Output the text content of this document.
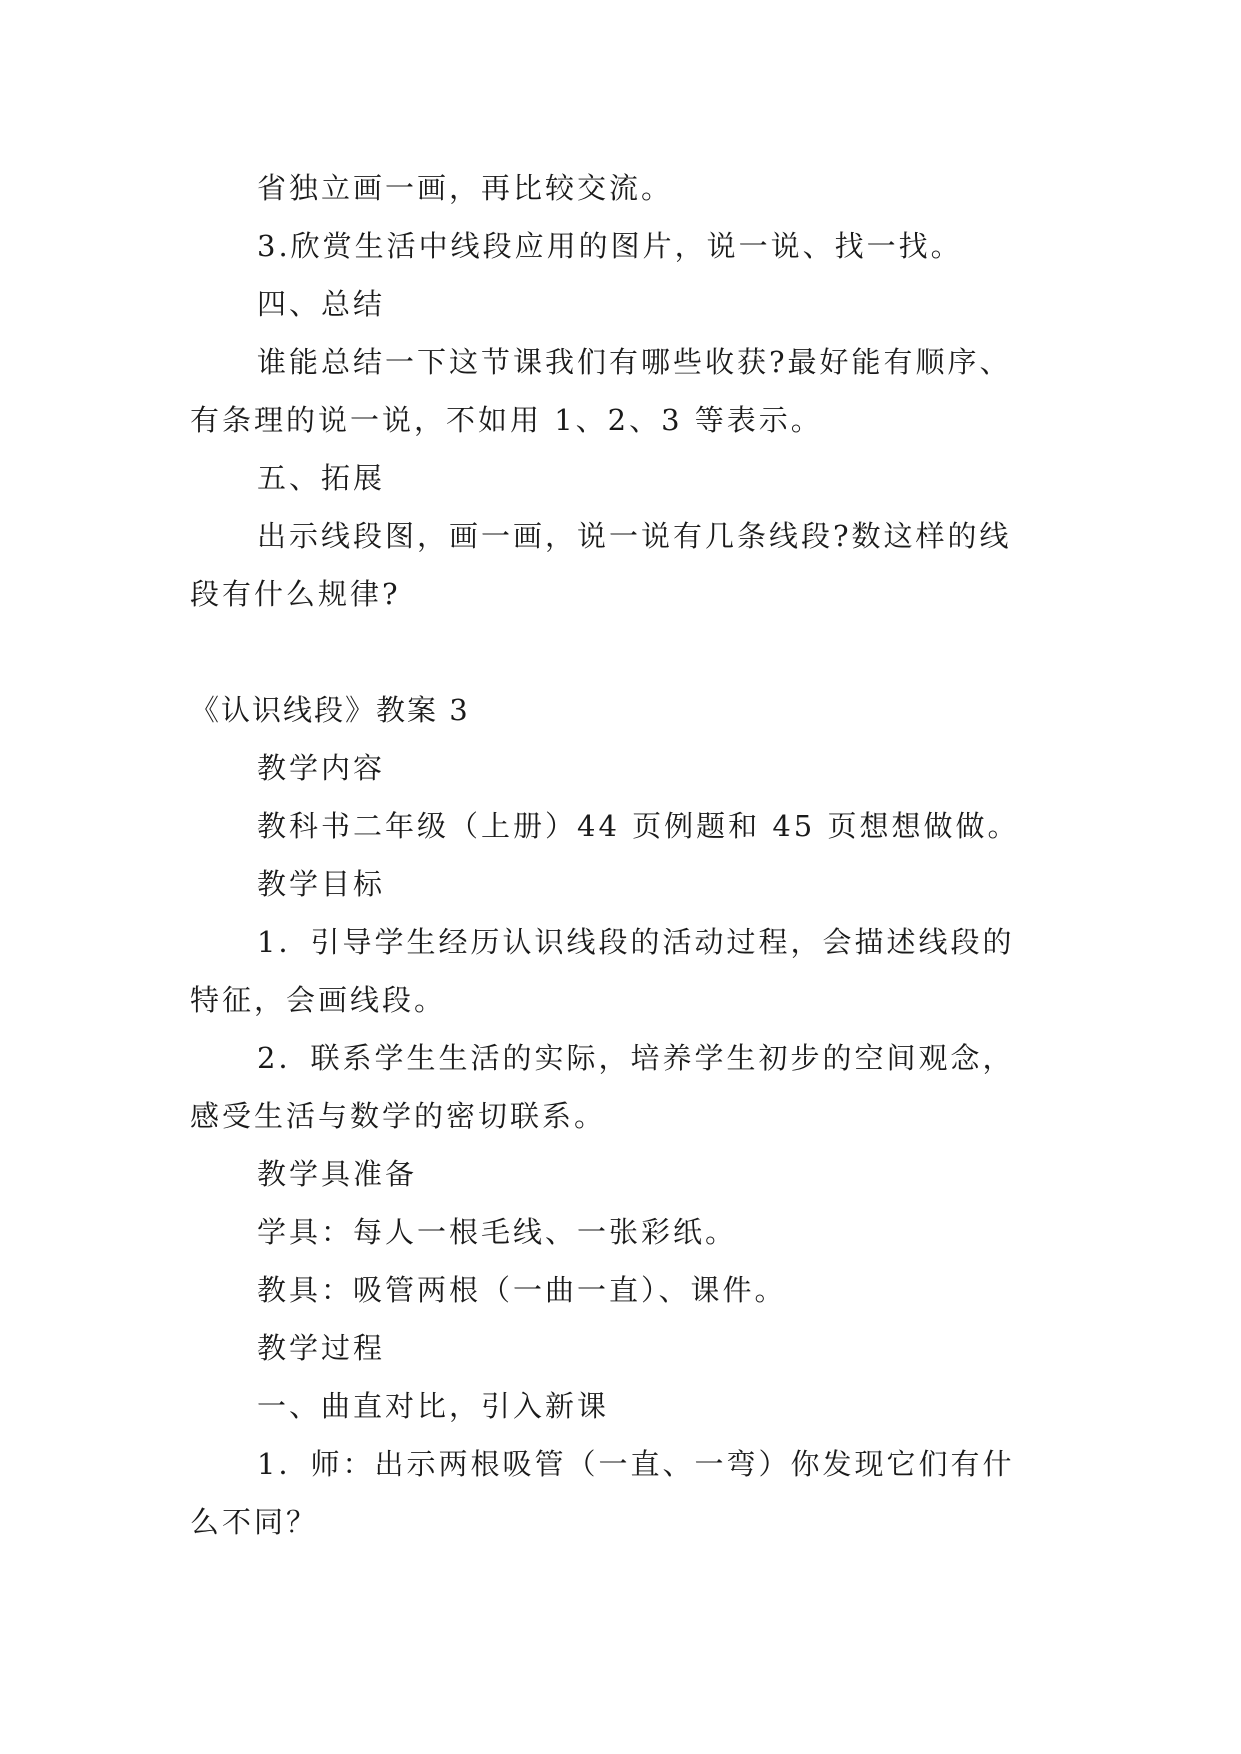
省独立画一画，再比较交流。
3.欣赏生活中线段应用的图片，说一说、找一找。
四、总结
谁能总结一下这节课我们有哪些收获?最好能有顺序、
有条理的说一说，不如用 1、2、3 等表示。
五、拓展
出示线段图，画一画，说一说有几条线段?数这样的线
段有什么规律?
《认识线段》教案 3
教学内容
教科书二年级（上册）44 页例题和 45 页想想做做。
教学目标
1．引导学生经历认识线段的活动过程，会描述线段的
特征，会画线段。
2．联系学生生活的实际，培养学生初步的空间观念，
感受生活与数学的密切联系。
教学具准备
学具：每人一根毛线、一张彩纸。
教具：吸管两根（一曲一直）、课件。
教学过程
一、曲直对比，引入新课
1．师：出示两根吸管（一直、一弯）你发现它们有什
么不同？
